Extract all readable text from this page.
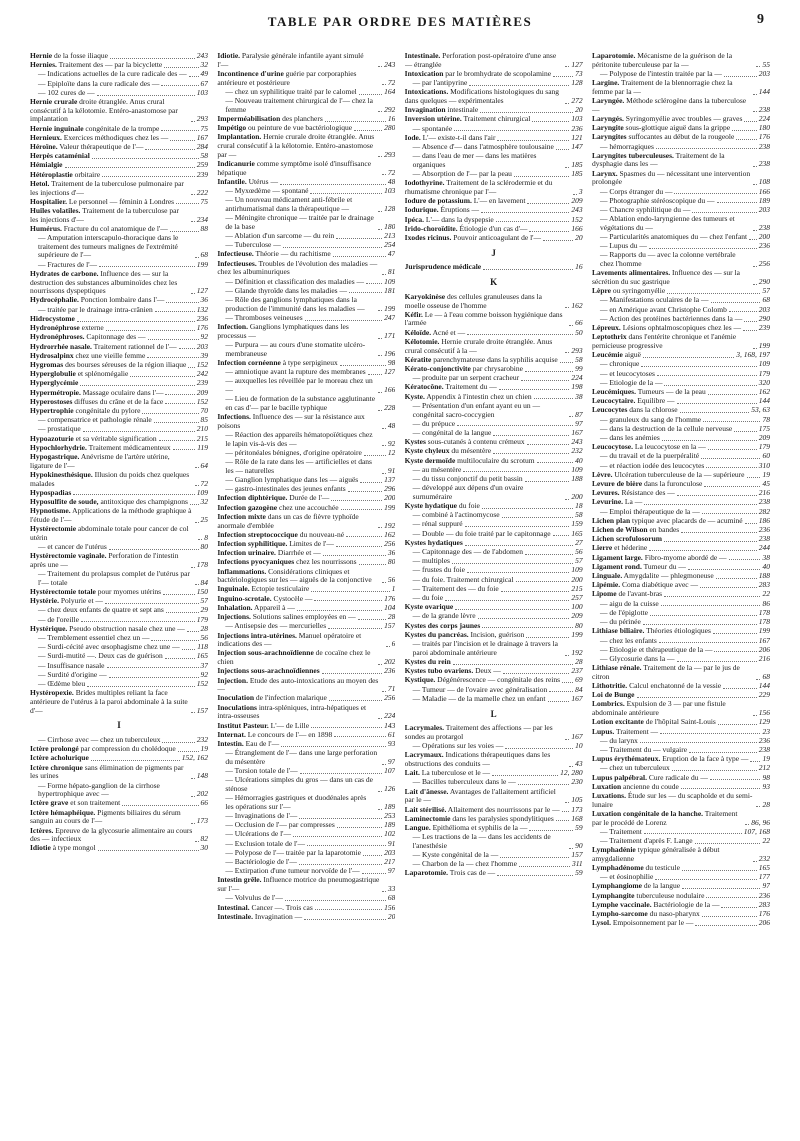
TABLE PAR ORDRE DES MATIÈRES	9
Hernie de la fosse iliaque	243
Hernies. Traitement des — par la bicyclette	32
— Indications actuelles de la cure radicale des — 49
— Epiploïte dans la cure radicale des —	67
— 102 cures de —	103
Hernie crurale droite étranglée. Anus crural consécutif à la kélotomie. Entéro-anastomose par implantation	293
Hernie inguinale congénitale de la trompe	75
Hernieux. Exercices méthodiques chez les —	167
Héroïne. Valeur thérapeutique de l'—	284
Herpès cataménial	58
Hémialgie	259
Hétéroplastie orbitaire	239
Hetol. Traitement de la tuberculose pulmonaire par les injections d'—	222
Hospitalier. Le personnel — féminin à Londres	75
Huiles volatiles. Traitement de la tuberculose par les injections d'—	234
Humérus. Fracture du col anatomique de l'—	88
— Amputation interscapulo-thoracique dans le traitement des tumeurs malignes de l'extrémité supérieure de l'—	68
— Fractures de l'—	199
Hydrates de carbone. Influence des — sur la destruction des substances albuminoïdes chez les nourrissons dyspeptiques	127
Hydrocéphalie. Ponction lombaire dans l'—	36
— traitée par le drainage intra-crânien	132
Hidrocystome	236
Hydronéphrose externe	176
Hydronéphroses. Capitonnage des —	92
Hydrorrhée nasale. Traitement rationnel de l'—	203
Hydrosalpinx chez une vieille femme	39
Hygromas des bourses séreuses de la région iliaque 152
Hyperglobulie et splénomégalie	242
Hyperglycémie	239
Hypermétropie. Massage oculaire dans l'—	209
Hyperostoses diffuses du crâne et de la face	152
Hypertrophie congénitale du pylore	70
— compensatrice et pathologie rénale	85
— prostatique	210
Hypoazoturie et sa véritable signification	215
Hypochlorhydrie. Traitement médicamenteux	119
Hypogastrique. Anévrisme de l'artère utérine, ligature de l'—	64
Hypokinesthésique. Illusion du poids chez quelques malades	72
Hypospadias	109
Hyposulfite de soude, antitoxique des champignons 32
Hypnotisme. Applications de la méthode graphique à l'étude de l'—	25
Hystérectomie abdominale totale pour cancer de col utérin	8
— et cancer de l'utérus	80
Hystérectomie vaginale. Perforation de l'intestin après une —	178
— Traitement du prolapsus complet de l'utérus par l'— totale	84
Hystérectomie totale pour myomes utérins	150
Hystérie. Polyurie et —	57
— chez deux enfants de quatre et sept ans	29
— de l'oreille	179
Hystérique. Pseudo obstruction nasale chez une — 28
— Tremblement essentiel chez un —	56
— Surdi-cécité avec œsophagisme chez une — 118
— Surdi-mutité —. Deux cas de guérison	165
— Insuffisance nasale	37
— Surdité d'origine —	92
— Œdème bleu	152
Hystéropexie. Brides multiples reliant la face antérieure de l'utérus à la paroi abdominale à la suite d'—	157
I
— Cirrhose avec — chez un tuberculeux	232
Ictère prolongé par compression du cholédoque	19
Ictère acholurique	152, 162
Ictère chronique sans élimination de pigments par les urines	148
— Forme hépato-ganglion de la cirrhose hypertrophique avec —	202
Ictère grave et son traitement	66
Ictère hémaphéique. Pigments biliaires du sérum sanguin au cours de l'—	173
Ictères. Epreuve de la glycosurie alimentaire au cours des — infectieux	82
Idiotie à type mongol	30
Idiotie. Paralysie générale infantile ayant simulé l'—	243
Incontinence d'urine guérie par corporaphies antérieure et postérieure	72
— chez un syphilitique traité par le calomel	164
— Nouveau traitement chirurgical de l'— chez la femme	292
Imperméabilisation des planchers	16
Impétigo ou peinture de vue bactériologique	280
Implantation. Hernie crurale droite étranglée. Anus crural consécutif à la kélotomie. Entéro-anastomose par —	293
Indicanurie comme symptôme isolé d'insuffisance hépatique	72
Infantile. Utérus —	48
— Myxœdème — spontané	103
— Un nouveau médicament anti-fébrile et antirhumatismal dans la thérapeutique —	128
— Méningite chronique — traitée par le drainage de la base	180
— Ablation d'un sarcome — du rein	213
— Tuberculose —	254
Infectieuse. Théorie — du rachitisme	47
Infectieuses. Troubles de l'évolution des maladies — chez les albuminuriques	81
— Définition et classification des maladies —	109
— Glande thyroïde dans les maladies —	181
— Rôle des ganglions lymphatiques dans la production de l'immunité dans les maladies —	199
— Thromboses veineuses	247
Infection. Ganglions lymphatiques dans les processus —	171
— Purpura — au cours d'une stomatite ulcéro-membraneuse	196
Infection cornéenne à type serpigineux	98
— amniotique avant la rupture des membranes 127
— auxquelles les réveillée par le moreau chez un —	166
— Lieu de formation de la substance agglutinante en cas d'— par le bacille typhique	228
Infections. Influence des — sur la résistance aux poisons	48
— Réaction des appareils hématopoïétiques chez le lapin vis-à-vis des —	92
— péritonéales bénignes, d'origine opératoire	12
— Rôle de la rate dans les — artificielles et dans les — naturelles	91
— Ganglion lymphatique dans les — aiguës	137
— gastro-intestinales des jeunes enfants	296
Infection diphtérique. Durée de l'—	200
Infection gazogène chez une accouchée	199
Infection mixte dans un cas de fièvre typhoïde anormale d'emblée	192
Infection streptococcique du nouveau-né	162
Infection syphilitique. Limites de l'—	256
Infection urinaire. Diarrhée et —	36
Infections pyocyaniques chez les nourrissons	80
Inflammations. Considérations cliniques et bactériologiques sur les — aiguës de la conjonctive	56
Inguinale. Ectopie testiculaire	1
Inguino-scrotale. Cystocèle —	176
Inhalation. Appareil à —	104
Injections. Solutions salines employées en —	28
— Antisepsie des — mercurielles	157
Injections intra-utérines. Manuel opératoire et indications des —	6
Injection sous-arachnoïdienne de cocaïne chez le chien	202
Injections sous-arachnoïdiennes	236
Injection. Etude des auto-intoxications au moyen des —	71
Inoculation de l'infection malarique	256
Inoculations intra-spléniques, intra-hépatiques et intra-osseuses	224
Institut Pasteur. L'— de Lille	143
Internat. Le concours de l'— en 1898	61
Intestin. Eau de l'—	93
— Étranglement de l'— dans une large perforation du mésentère	97
— Torsion totale de l'—	107
— Ulcérations simples du gros — dans un cas de sténose	126
— Hémorragies gastriques et duodénales après les opérations sur l'—	189
— Invaginations de l'—	253
— Occlusion de l'— par compresses	189
— Ulcérations de l'—	102
— Exclusion totale de l'—	91
— Polypose de l'— traitée par la laparotomie	203
— Bactériologie de l'—	217
— Extirpation d'une tumeur norvoïde de l'—	97
Intestin grêle. Influence motrice du pneumogastrique sur l'—	33
— Volvulus de l'—	68
Intestinal. Cancer —. Trois cas	156
Intestinale. Invagination —	20
Intestinale. Perforation post-opératoire d'une anse — étranglée	127
Intoxication par le bromhydrate de scopolamine	73
— par l'antipyrine	128
Intoxications. Modifications histologiques du sang dans quelques — expérimentales	272
Invagination intestinale	20
Inversion utérine. Traitement chirurgical	103
— spontanée	236
Iode. L'— existe-t-il dans l'air	121
— Absence d'— dans l'atmosphère toulousaine 147
— dans l'eau de mer — dans les matières organiques	185
— Absorption de l'— par la peau	185
Iodothyrine. Traitement de la sclérodermie et du rhumatisme chronique par l'—	3
Iodure de potassium. L'— en lavement	209
Iodurique. Éruptions —	243
Ipéca. L'— dans la dyspepsie	152
Irido-choroïdite. Étiologie d'un cas d'—	166
Ixodes ricinus. Pouvoir anticoagulant de l'—	20
J
Jurisprudence médicale	16
K
Karyokinèse des cellules granuleuses dans la moelle osseuse de l'homme	162
Kéfir. Le — à l'eau comme boisson hygiénique dans l'armée	66
Kéloïde. Acné et —	50
Kélotomie. Hernie crurale droite étranglée. Anus crural consécutif à la —	293
Kératite parenchymateuse dans la syphilis acquise 58
Kérato-conjonctivite par chrysarobine	99
— produite par un serpent cracheur	224
Kératocône. Traitement du —	198
Kyste. Appendix à l'intestin chez un chien	38
— Présentation d'un enfant ayant eu un — congénital sacro-coccygien	87
— du prépuce	97
— congénital de la langue	167
Kystes sous-cutanés à contenu crémeux	243
Kyste chyleux du mésentère	232
Kyste dermoïde multiloculaire du scrotum	40
— au mésentère	109
— du tissu conjonctif du petit bassin	188
— développé aux dépens d'un ovaire surnuméraire	200
Kyste hydatique du foie	18
— combiné à l'actinomycose	58
— rénal suppuré	159
— Double — du foie traité par le capitonnage	165
Kystes hydatiques	27
— Capitonnage des — de l'abdomen	56
— multiples	57
— frustes du foie	109
— du foie. Traitement chirurgical	200
— Traitement des — du foie	215
— du foie	257
Kyste ovarique	100
— de la grande lèvre	209
Kystes des corps jaunes	80
Kystes du pancréas. Incision, guérison	199
— traités par l'incision et le drainage à travers la paroi abdominale antérieure	192
Kystes du rein	28
Kystes tubo ovariens. Deux —	237
Kystique. Dégénérescence — congénitale des reins 69
— Tumeur — de l'ovaire avec généralisation	84
— Maladie — de la mamelle chez un enfant	167
L
Lacrymales. Traitement des affections — par les sondes au protargol	167
— Opérations sur les voies —	10
Lacrymaux. Indications thérapeutiques dans les obstructions des conduits —	43
Lait. La tuberculose et le —	12, 280
— Bacilles tuberculeux dans le —	230
Lait d'ânesse. Avantages de l'allaitement artificiel par le —	105
Lait stérilisé. Allaitement des nourrissons par le — 173
Laminectomie dans les paralysies spondylitiques 168
Langue. Epithélioma et syphilis de la —	59
— Les tractions de la — dans les accidents de l'anesthésie	90
— Kyste congénital de la —	157
— Charbon de la — chez l'homme	311
Laparotomie. Trois cas de —	59
Laparotomie. Mécanisme de la guérison de la péritonite tuberculeuse par la —	55
— Polypose de l'intestin traitée par la —	203
Largine. Traitement de la blennorragie chez la femme par la —	144
Laryngée. Méthode sclérogène dans la tuberculose —	238
Laryngés. Syringomyélie avec troubles — graves 224
Laryngite sous-glottique aiguë dans la grippe	180
Laryngites suffocantes au début de la rougeole	176
— hémorragiques	238
Laryngites tuberculeuses. Traitement de la dysphagie dans les —	238
Larynx. Spasmes du — nécessitant une intervention prolongée	108
— Corps étranger du —	166
— Photographie stéréoscopique du —	189
— Chancre syphilitique du —	203
— Ablation endo-laryngienne des tumeurs et végétations du —	238
— Particularités anatomiques du — chez l'enfant 200
— Lupus du —	236
— Rapports du — avec la colonne vertébrale chez l'homme	256
Lavements alimentaires. Influence des — sur la sécrétion du suc gastrique	290
Lèpre ou syringomyélie	57
— Manifestations oculaires de la —	68
— en Amérique avant Christophe Colomb	203
— Action des protéines bactériennes dans la — 290
Lépreux. Lésions ophtalmoscopiques chez les — 239
Leptothrix dans l'entérite chronique et l'anémie pernicieuse progressive	199
Leucémie aiguë	3, 168, 197
— chronique	109
— et leucocytoses	179
— Etiologie de la —	320
Leucémiques. Tumeurs — de la peau	162
Leucocytaire. Equilibre —	144
Leucocytes dans la chlorose	53, 63
— granuleux du sang de l'homme	78
— dans la destruction de la cellule nerveuse	175
— dans les anémies	209
Leucocytose. La leucocytose en la —	179
— du travail et de la puerpéralité	60
— et réaction iodée des leucocytes	310
Lèvre. Ulcération tuberculeuse de la — supérieure 19
Levure de bière dans la furonculose	45
Levures. Résistance des —	216
Levurine. La —	238
— Emploi thérapeutique de la —	282
Lichen plan typique avec placards de — acuminé 186
Lichen de Wilson en bandes	236
Lichen scrofulosorum	238
Lierre et héderine	244
Ligament large. Fibro-myome abordé de —	38
Ligament rond. Tumeur du —	40
Linguale. Amygdalite — phlegmoneuse	188
Lipémie. Coma diabétique avec —	283
Lipome de l'avant-bras	22
— aigu de la cuisse	86
— de l'épiglotte	178
— du périnée	178
Lithiase biliaire. Théories étiologiques	199
— chez les enfants	167
— Etiologie et thérapeutique de la —	206
— Glycosurie dans la —	216
Lithiase rénale. Traitement de la — par le jus de citron	68
Lithotritie. Calcul enchatonné de la vessie	144
Loi de Bunge	229
Lombrics. Expulsion de 3 — par une fistule abdominale antérieure	156
Lotion excitante de l'hôpital Saint-Louis	129
Lupus. Traitement —	23
— du larynx	236
— Traitement du — vulgaire	238
Lupus érythémateux. Eruption de la face à type — 19
— chez un tuberculeux	212
Lupus palpébral. Cure radicale du —	98
Luxation ancienne du coude	93
Luxations. Étude sur les — du scaphoïde et du semi-lunaire	28
Luxation congénitale de la hanche. Traitement par le procédé de Lorenz	86, 96
— Traitement	107, 168
— Traitement d'après F. Lange	22
Lymphadénie typique généralisée à début amygdalienne	232
Lymphadénome du testicule	165
— et éosinophilie	177
Lymphangiome de la langue	97
Lymphangite tuberculeuse nodulaire	236
Lymphe vaccinale. Bactériologie de la —	283
Lympho-sarcome du naso-pharynx	176
Lysol. Empoisonnement par le —	206
